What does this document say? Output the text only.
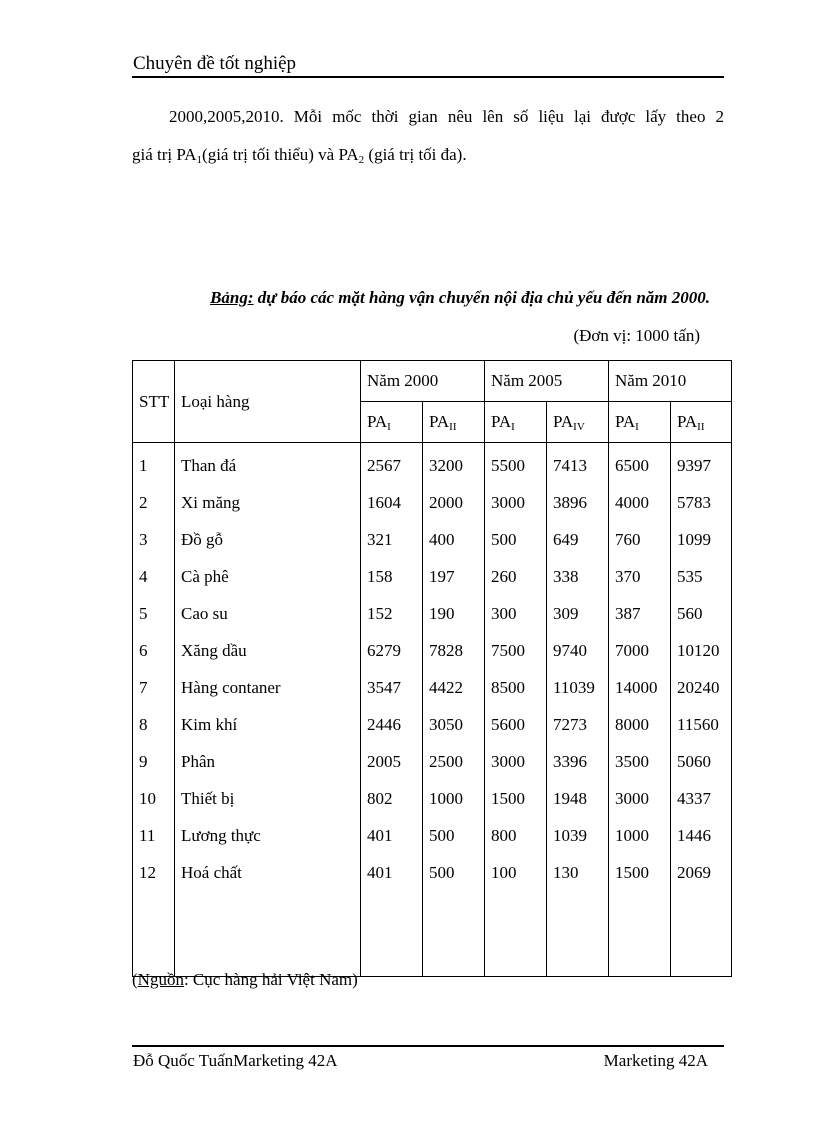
Chuyên đề tốt nghiệp
2000,2005,2010. Mỗi mốc thời gian nêu lên số liệu lại được lấy theo 2
giá trị $PA_1(giá$ trị tối thiểu) và $PA_2$ (giá trị tối đa).
Bảng: dự báo các mặt hàng vận chuyển nội địa chủ yếu đến năm 2000.
(Đơn vị: 1000 tấn)
STT	Loại hàng	Năm 2000		Năm 2005		Năm 2010	
		$PA_I$	$PA_{II}$	$PA_I$	$PA_{IV}$	$PA_I$	$PA_{II}$
1	Than đá	2567	3200	5500	7413	6500	9397
2	Xi măng	1604	2000	3000	3896	4000	5783
3	Đồ gỗ	321	400	500	649	760	1099
4	Cà phê	158	197	260	338	370	535
5	Cao su	152	190	300	309	387	560
6	Xăng dầu	6279	7828	7500	9740	7000	10120
7	Hàng contaner	3547	4422	8500	11039	14000	20240
8	Kim khí	2446	3050	5600	7273	8000	11560
9	Phân	2005	2500	3000	3396	3500	5060
10	Thiết bị	802	1000	1500	1948	3000	4337
11	Lương thực	401	500	800	1039	1000	1446
12	Hoá chất	401	500	100	130	1500	2069

(Nguồn: Cục hàng hải Việt Nam)
Đỗ Quốc TuấnMarketing 42A	Marketing 42A
